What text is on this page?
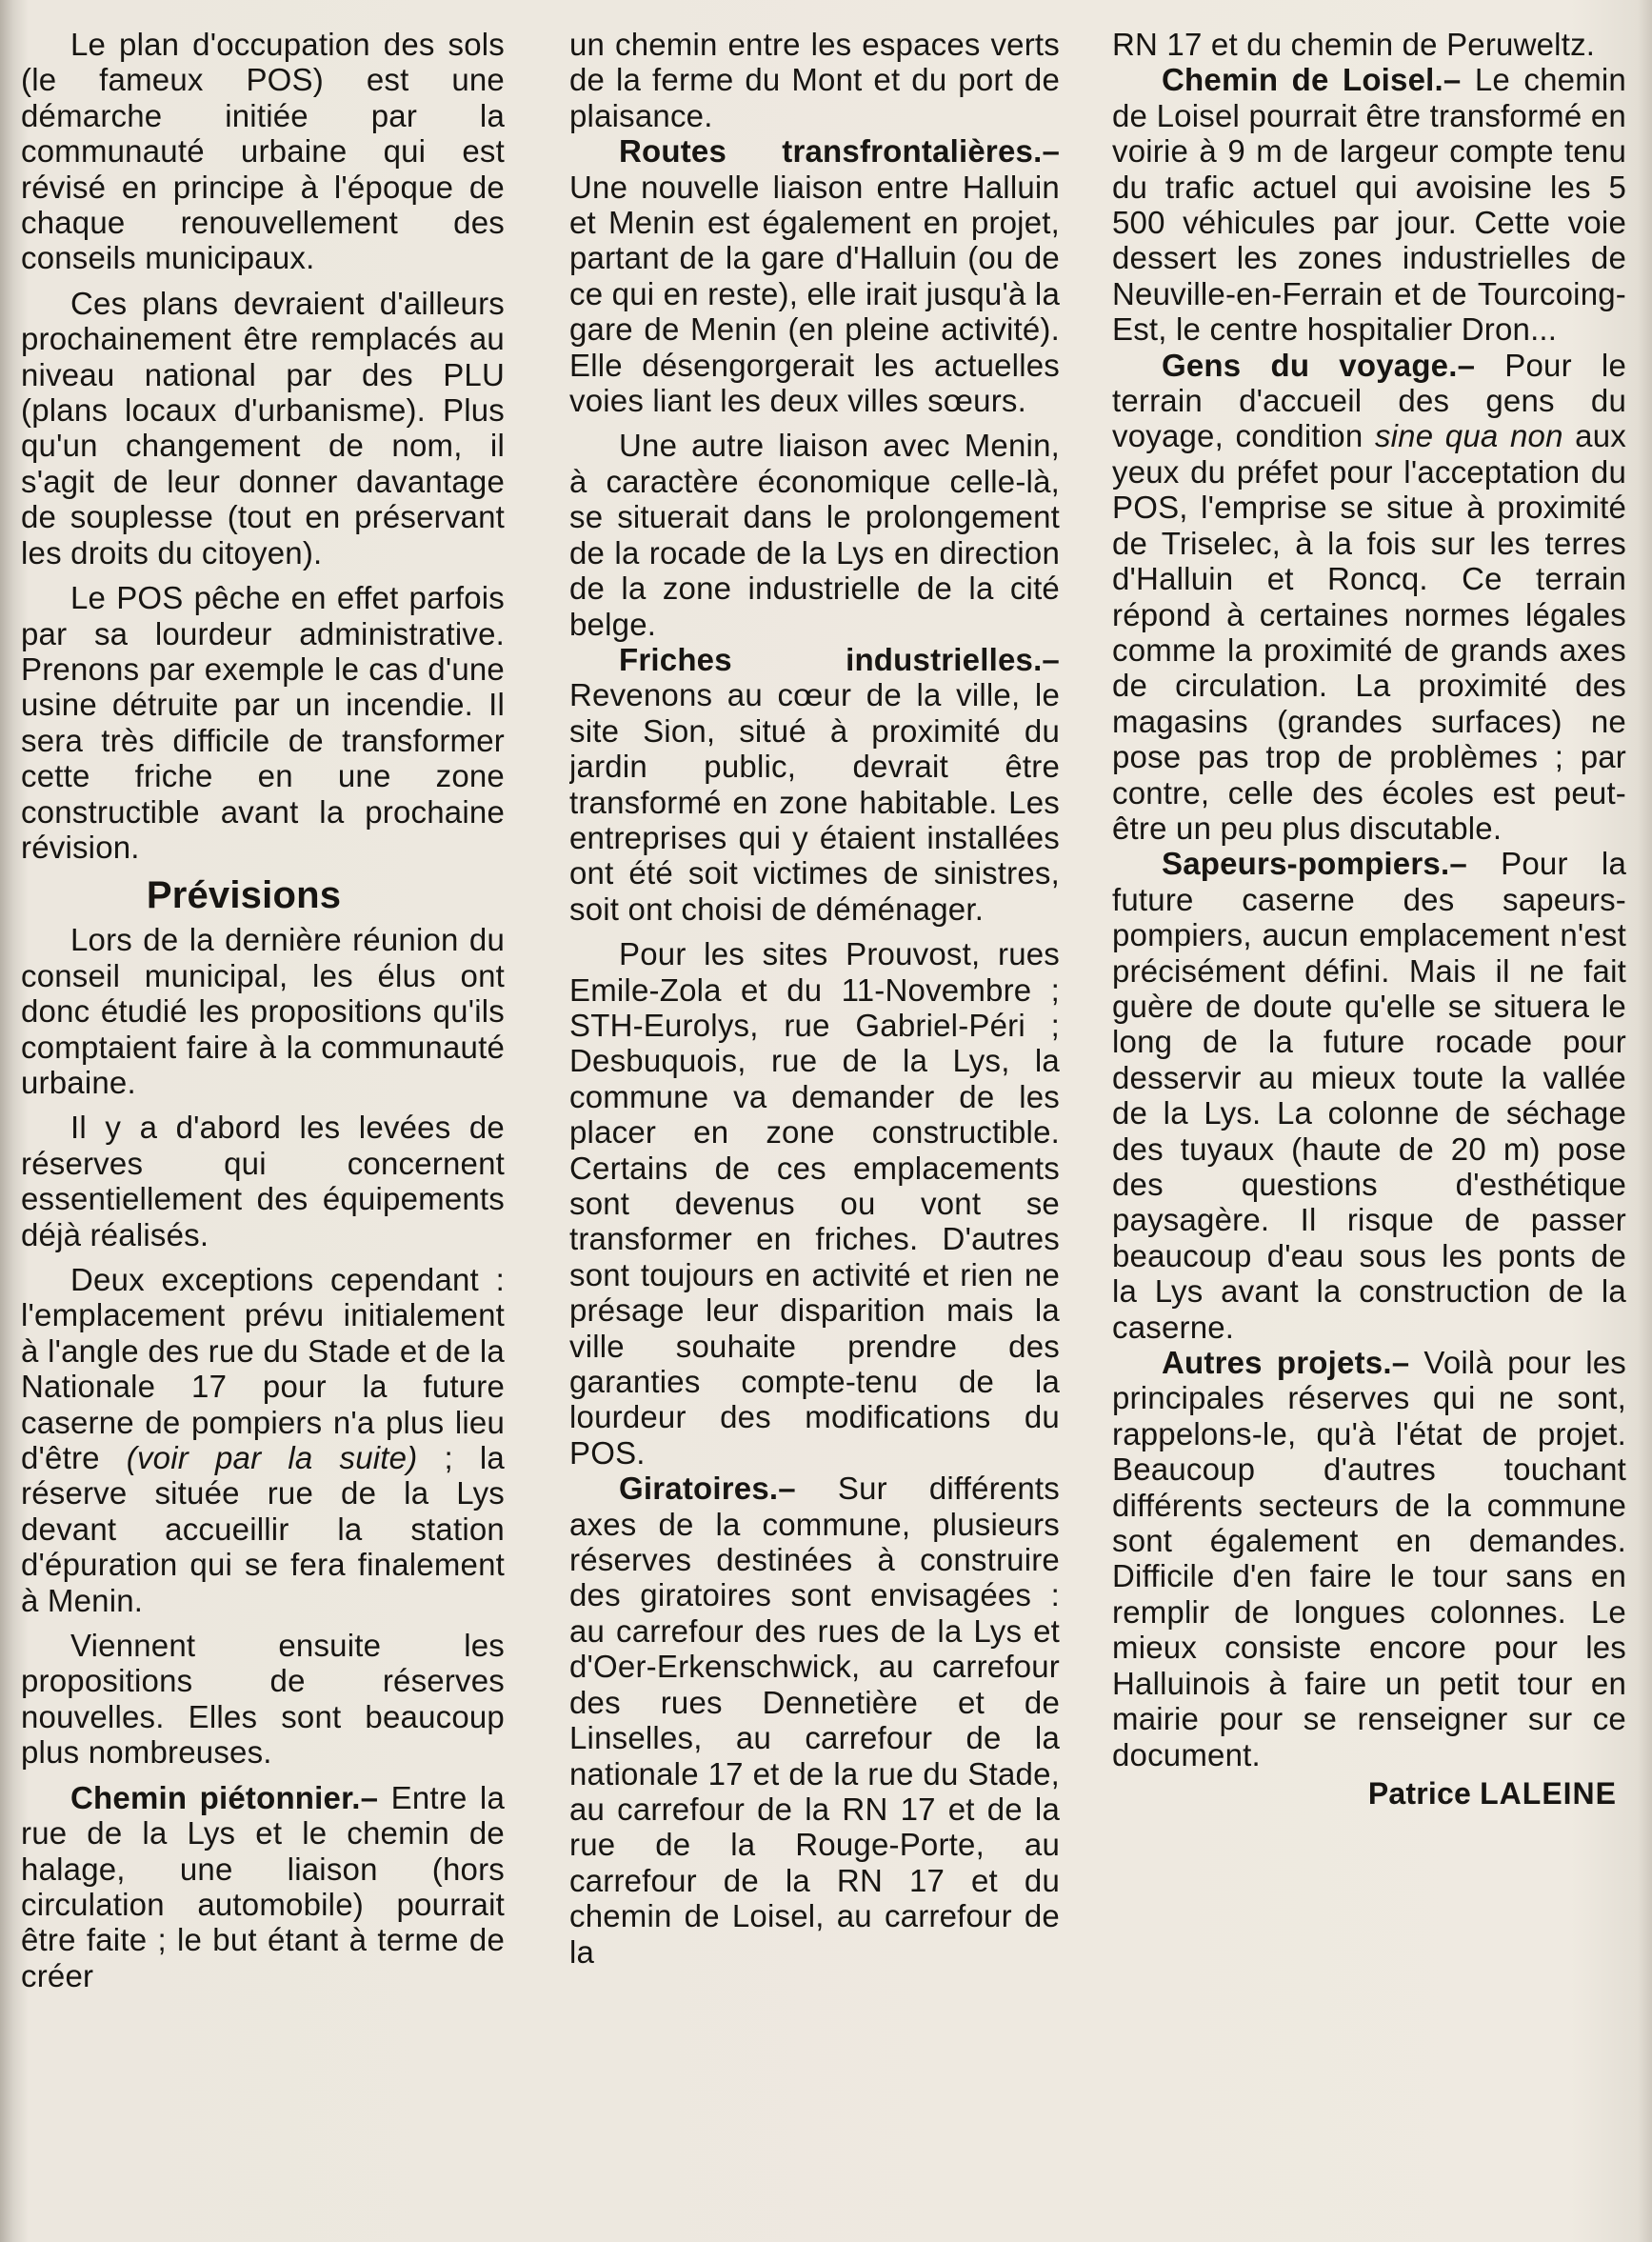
Le plan d'occupation des sols (le fameux POS) est une démarche initiée par la communauté urbaine qui est révisé en principe à l'époque de chaque renouvellement des conseils municipaux.

Ces plans devraient d'ailleurs prochainement être remplacés au niveau national par des PLU (plans locaux d'urbanisme). Plus qu'un changement de nom, il s'agit de leur donner davantage de souplesse (tout en préservant les droits du citoyen).

Le POS pêche en effet parfois par sa lourdeur administrative. Prenons par exemple le cas d'une usine détruite par un incendie. Il sera très difficile de transformer cette friche en une zone constructible avant la prochaine révision.

Prévisions

Lors de la dernière réunion du conseil municipal, les élus ont donc étudié les propositions qu'ils comptaient faire à la communauté urbaine.

Il y a d'abord les levées de réserves qui concernent essentiellement des équipements déjà réalisés.

Deux exceptions cependant : l'emplacement prévu initialement à l'angle des rue du Stade et de la Nationale 17 pour la future caserne de pompiers n'a plus lieu d'être (voir par la suite) ; la réserve située rue de la Lys devant accueillir la station d'épuration qui se fera finalement à Menin.

Viennent ensuite les propositions de réserves nouvelles. Elles sont beaucoup plus nombreuses.

Chemin piétonnier.– Entre la rue de la Lys et le chemin de halage, une liaison (hors circulation automobile) pourrait être faite ; le but étant à terme de créer

un chemin entre les espaces verts de la ferme du Mont et du port de plaisance.

Routes transfrontalières.– Une nouvelle liaison entre Halluin et Menin est également en projet, partant de la gare d'Halluin (ou de ce qui en reste), elle irait jusqu'à la gare de Menin (en pleine activité). Elle désengorgerait les actuelles voies liant les deux villes sœurs.

Une autre liaison avec Menin, à caractère économique celle-là, se situerait dans le prolongement de la rocade de la Lys en direction de la zone industrielle de la cité belge.

Friches industrielles.– Revenons au cœur de la ville, le site Sion, situé à proximité du jardin public, devrait être transformé en zone habitable. Les entreprises qui y étaient installées ont été soit victimes de sinistres, soit ont choisi de déménager.

Pour les sites Prouvost, rues Emile-Zola et du 11-Novembre ; STH-Eurolys, rue Gabriel-Péri ; Desbuquois, rue de la Lys, la commune va demander de les placer en zone constructible. Certains de ces emplacements sont devenus ou vont se transformer en friches. D'autres sont toujours en activité et rien ne présage leur disparition mais la ville souhaite prendre des garanties compte-tenu de la lourdeur des modifications du POS.

Giratoires.– Sur différents axes de la commune, plusieurs réserves destinées à construire des giratoires sont envisagées : au carrefour des rues de la Lys et d'Oer-Erkenschwick, au carrefour des rues Dennetière et de Linselles, au carrefour de la nationale 17 et de la rue du Stade, au carrefour de la RN 17 et de la rue de la Rouge-Porte, au carrefour de la RN 17 et du chemin de Loisel, au carrefour de la

RN 17 et du chemin de Peruweltz.

Chemin de Loisel.– Le chemin de Loisel pourrait être transformé en voirie à 9 m de largeur compte tenu du trafic actuel qui avoisine les 5 500 véhicules par jour. Cette voie dessert les zones industrielles de Neuville-en-Ferrain et de Tourcoing-Est, le centre hospitalier Dron...

Gens du voyage.– Pour le terrain d'accueil des gens du voyage, condition sine qua non aux yeux du préfet pour l'acceptation du POS, l'emprise se situe à proximité de Triselec, à la fois sur les terres d'Halluin et Roncq. Ce terrain répond à certaines normes légales comme la proximité de grands axes de circulation. La proximité des magasins (grandes surfaces) ne pose pas trop de problèmes ; par contre, celle des écoles est peut-être un peu plus discutable.

Sapeurs-pompiers.– Pour la future caserne des sapeurs-pompiers, aucun emplacement n'est précisément défini. Mais il ne fait guère de doute qu'elle se situera le long de la future rocade pour desservir au mieux toute la vallée de la Lys. La colonne de séchage des tuyaux (haute de 20 m) pose des questions d'esthétique paysagère. Il risque de passer beaucoup d'eau sous les ponts de la Lys avant la construction de la caserne.

Autres projets.– Voilà pour les principales réserves qui ne sont, rappelons-le, qu'à l'état de projet. Beaucoup d'autres touchant différents secteurs de la commune sont également en demandes. Difficile d'en faire le tour sans en remplir de longues colonnes. Le mieux consiste encore pour les Halluinois à faire un petit tour en mairie pour se renseigner sur ce document.

Patrice LALEINE
